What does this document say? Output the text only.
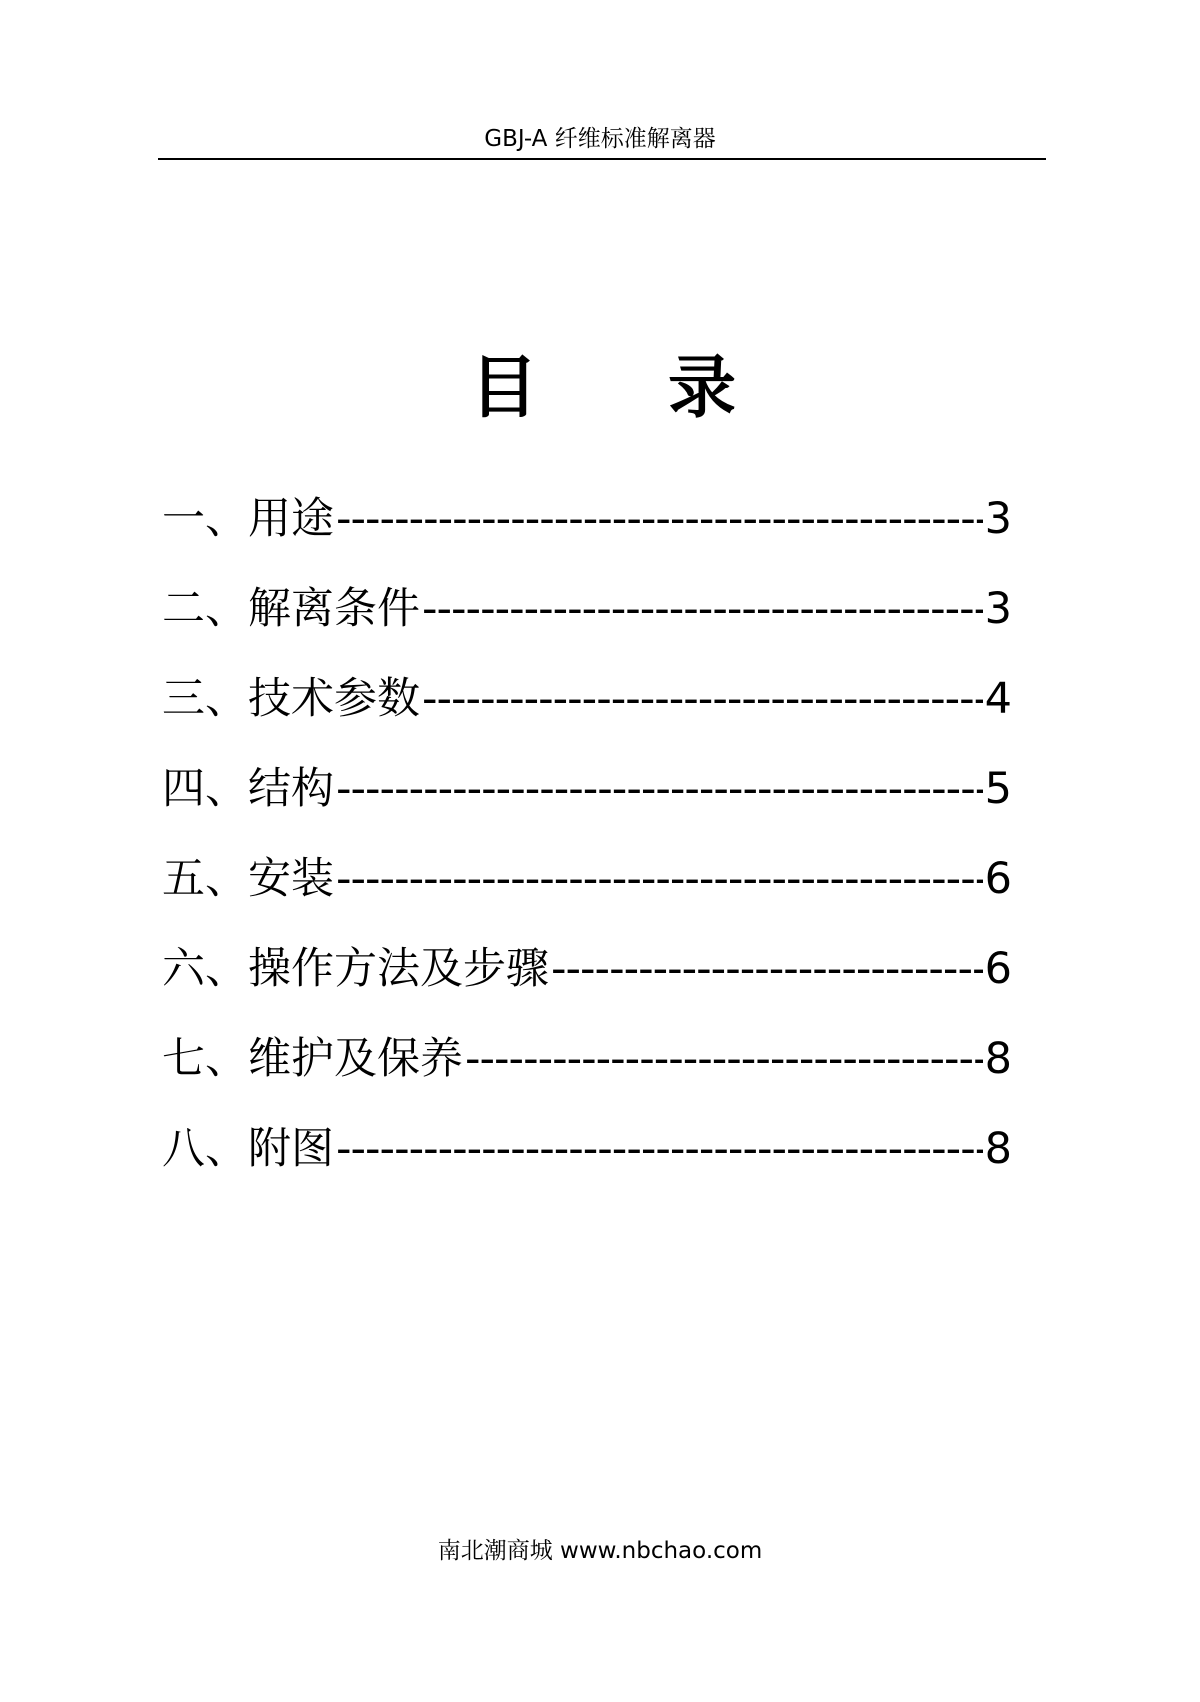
GBJ-A 纤维标准解离器
目 录
一、用途 -----	3
二、解离条件 -----	3
三、技术参数 -----	4
四、结构 -----	5
五、安装 -----	6
六、操作方法及步骤 -----	6
七、维护及保养 -----	8
八、附图 -----	8
南北潮商城 www.nbchao.com
